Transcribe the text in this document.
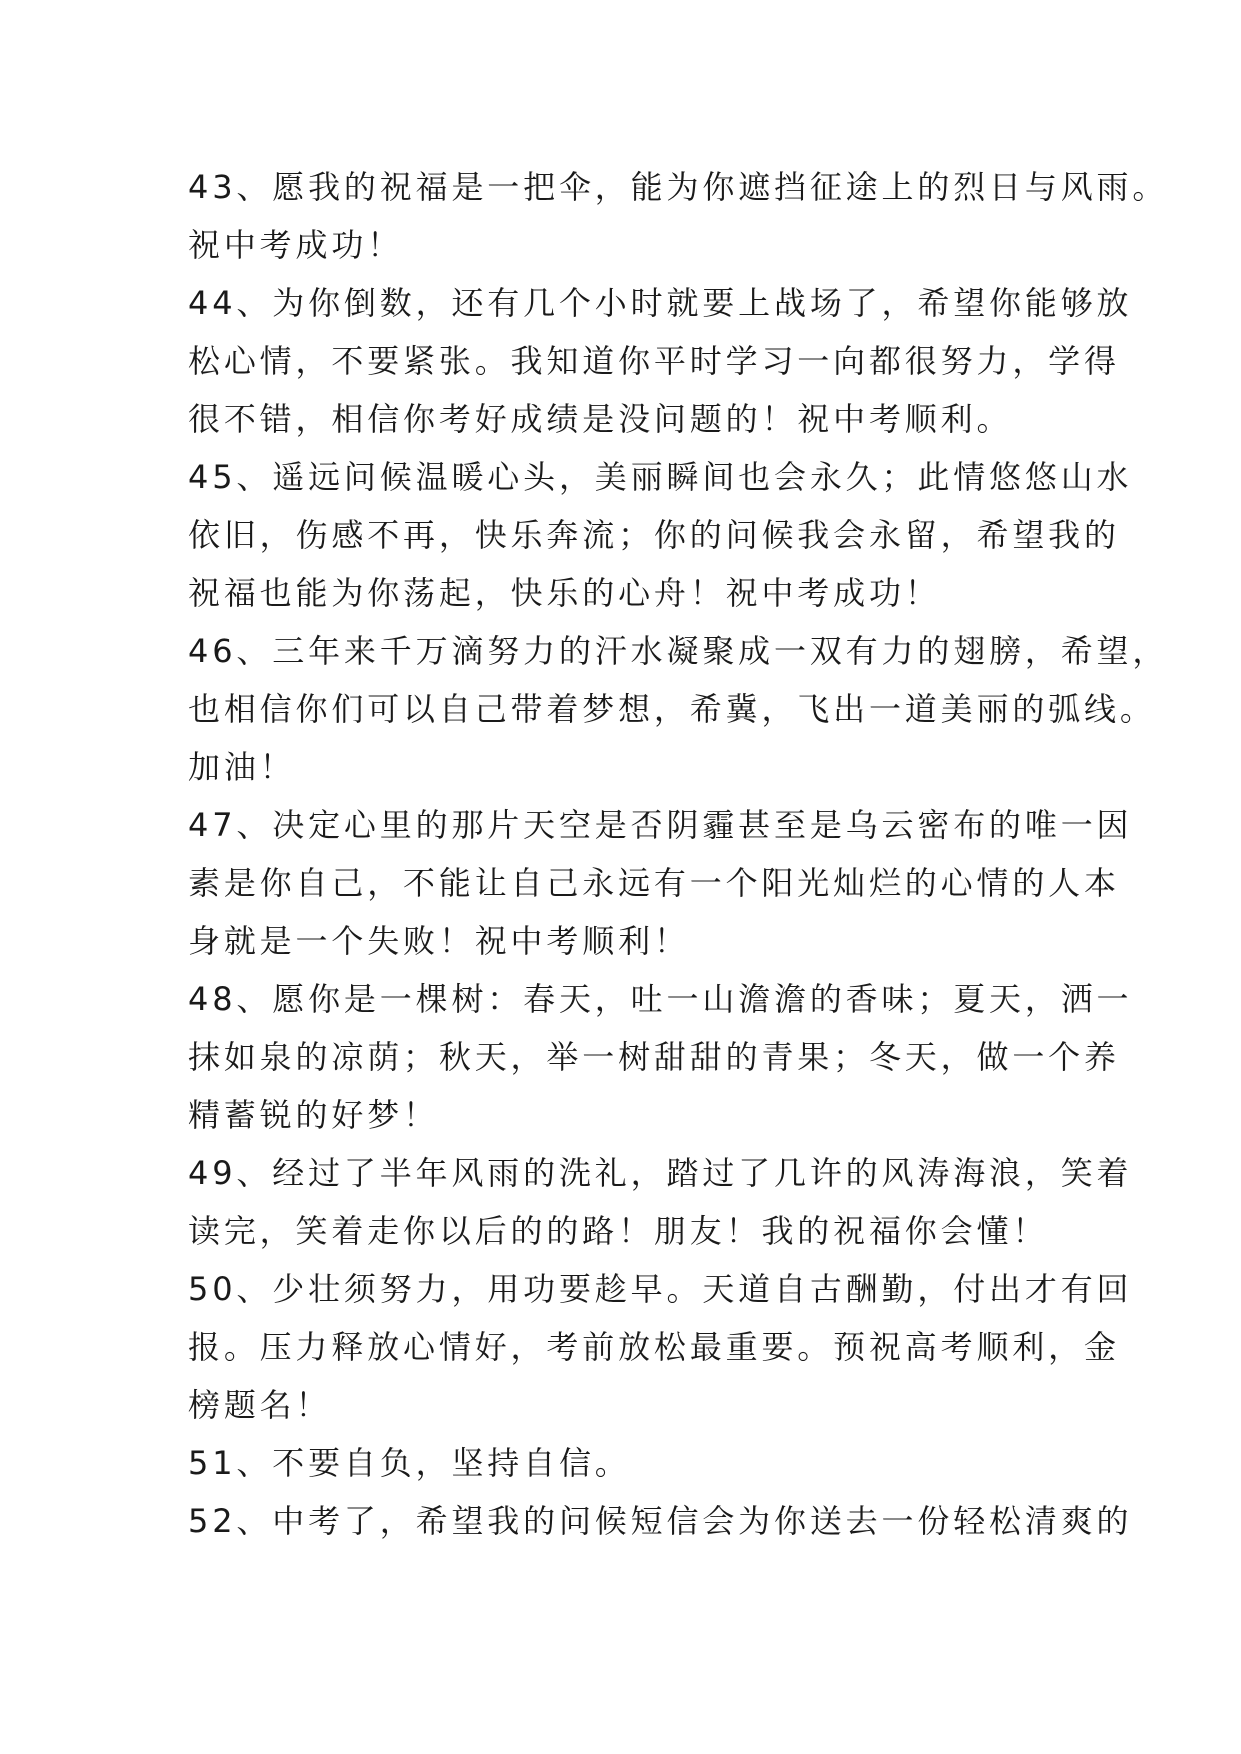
43、愿我的祝福是一把伞，能为你遮挡征途上的烈日与风雨。
祝中考成功！
44、为你倒数，还有几个小时就要上战场了，希望你能够放
松心情，不要紧张。我知道你平时学习一向都很努力，学得
很不错，相信你考好成绩是没问题的！祝中考顺利。
45、遥远问候温暖心头，美丽瞬间也会永久；此情悠悠山水
依旧，伤感不再，快乐奔流；你的问候我会永留，希望我的
祝福也能为你荡起，快乐的心舟！祝中考成功！
46、三年来千万滴努力的汗水凝聚成一双有力的翅膀，希望，
也相信你们可以自己带着梦想，希冀，飞出一道美丽的弧线。
加油！
47、决定心里的那片天空是否阴霾甚至是乌云密布的唯一因
素是你自己，不能让自己永远有一个阳光灿烂的心情的人本
身就是一个失败！祝中考顺利！
48、愿你是一棵树：春天，吐一山澹澹的香味；夏天，洒一
抹如泉的凉荫；秋天，举一树甜甜的青果；冬天，做一个养
精蓄锐的好梦！
49、经过了半年风雨的洗礼，踏过了几许的风涛海浪，笑着
读完，笑着走你以后的的路！朋友！我的祝福你会懂！
50、少壮须努力，用功要趁早。天道自古酬勤，付出才有回
报。压力释放心情好，考前放松最重要。预祝高考顺利，金
榜题名！
51、不要自负，坚持自信。
52、中考了，希望我的问候短信会为你送去一份轻松清爽的
